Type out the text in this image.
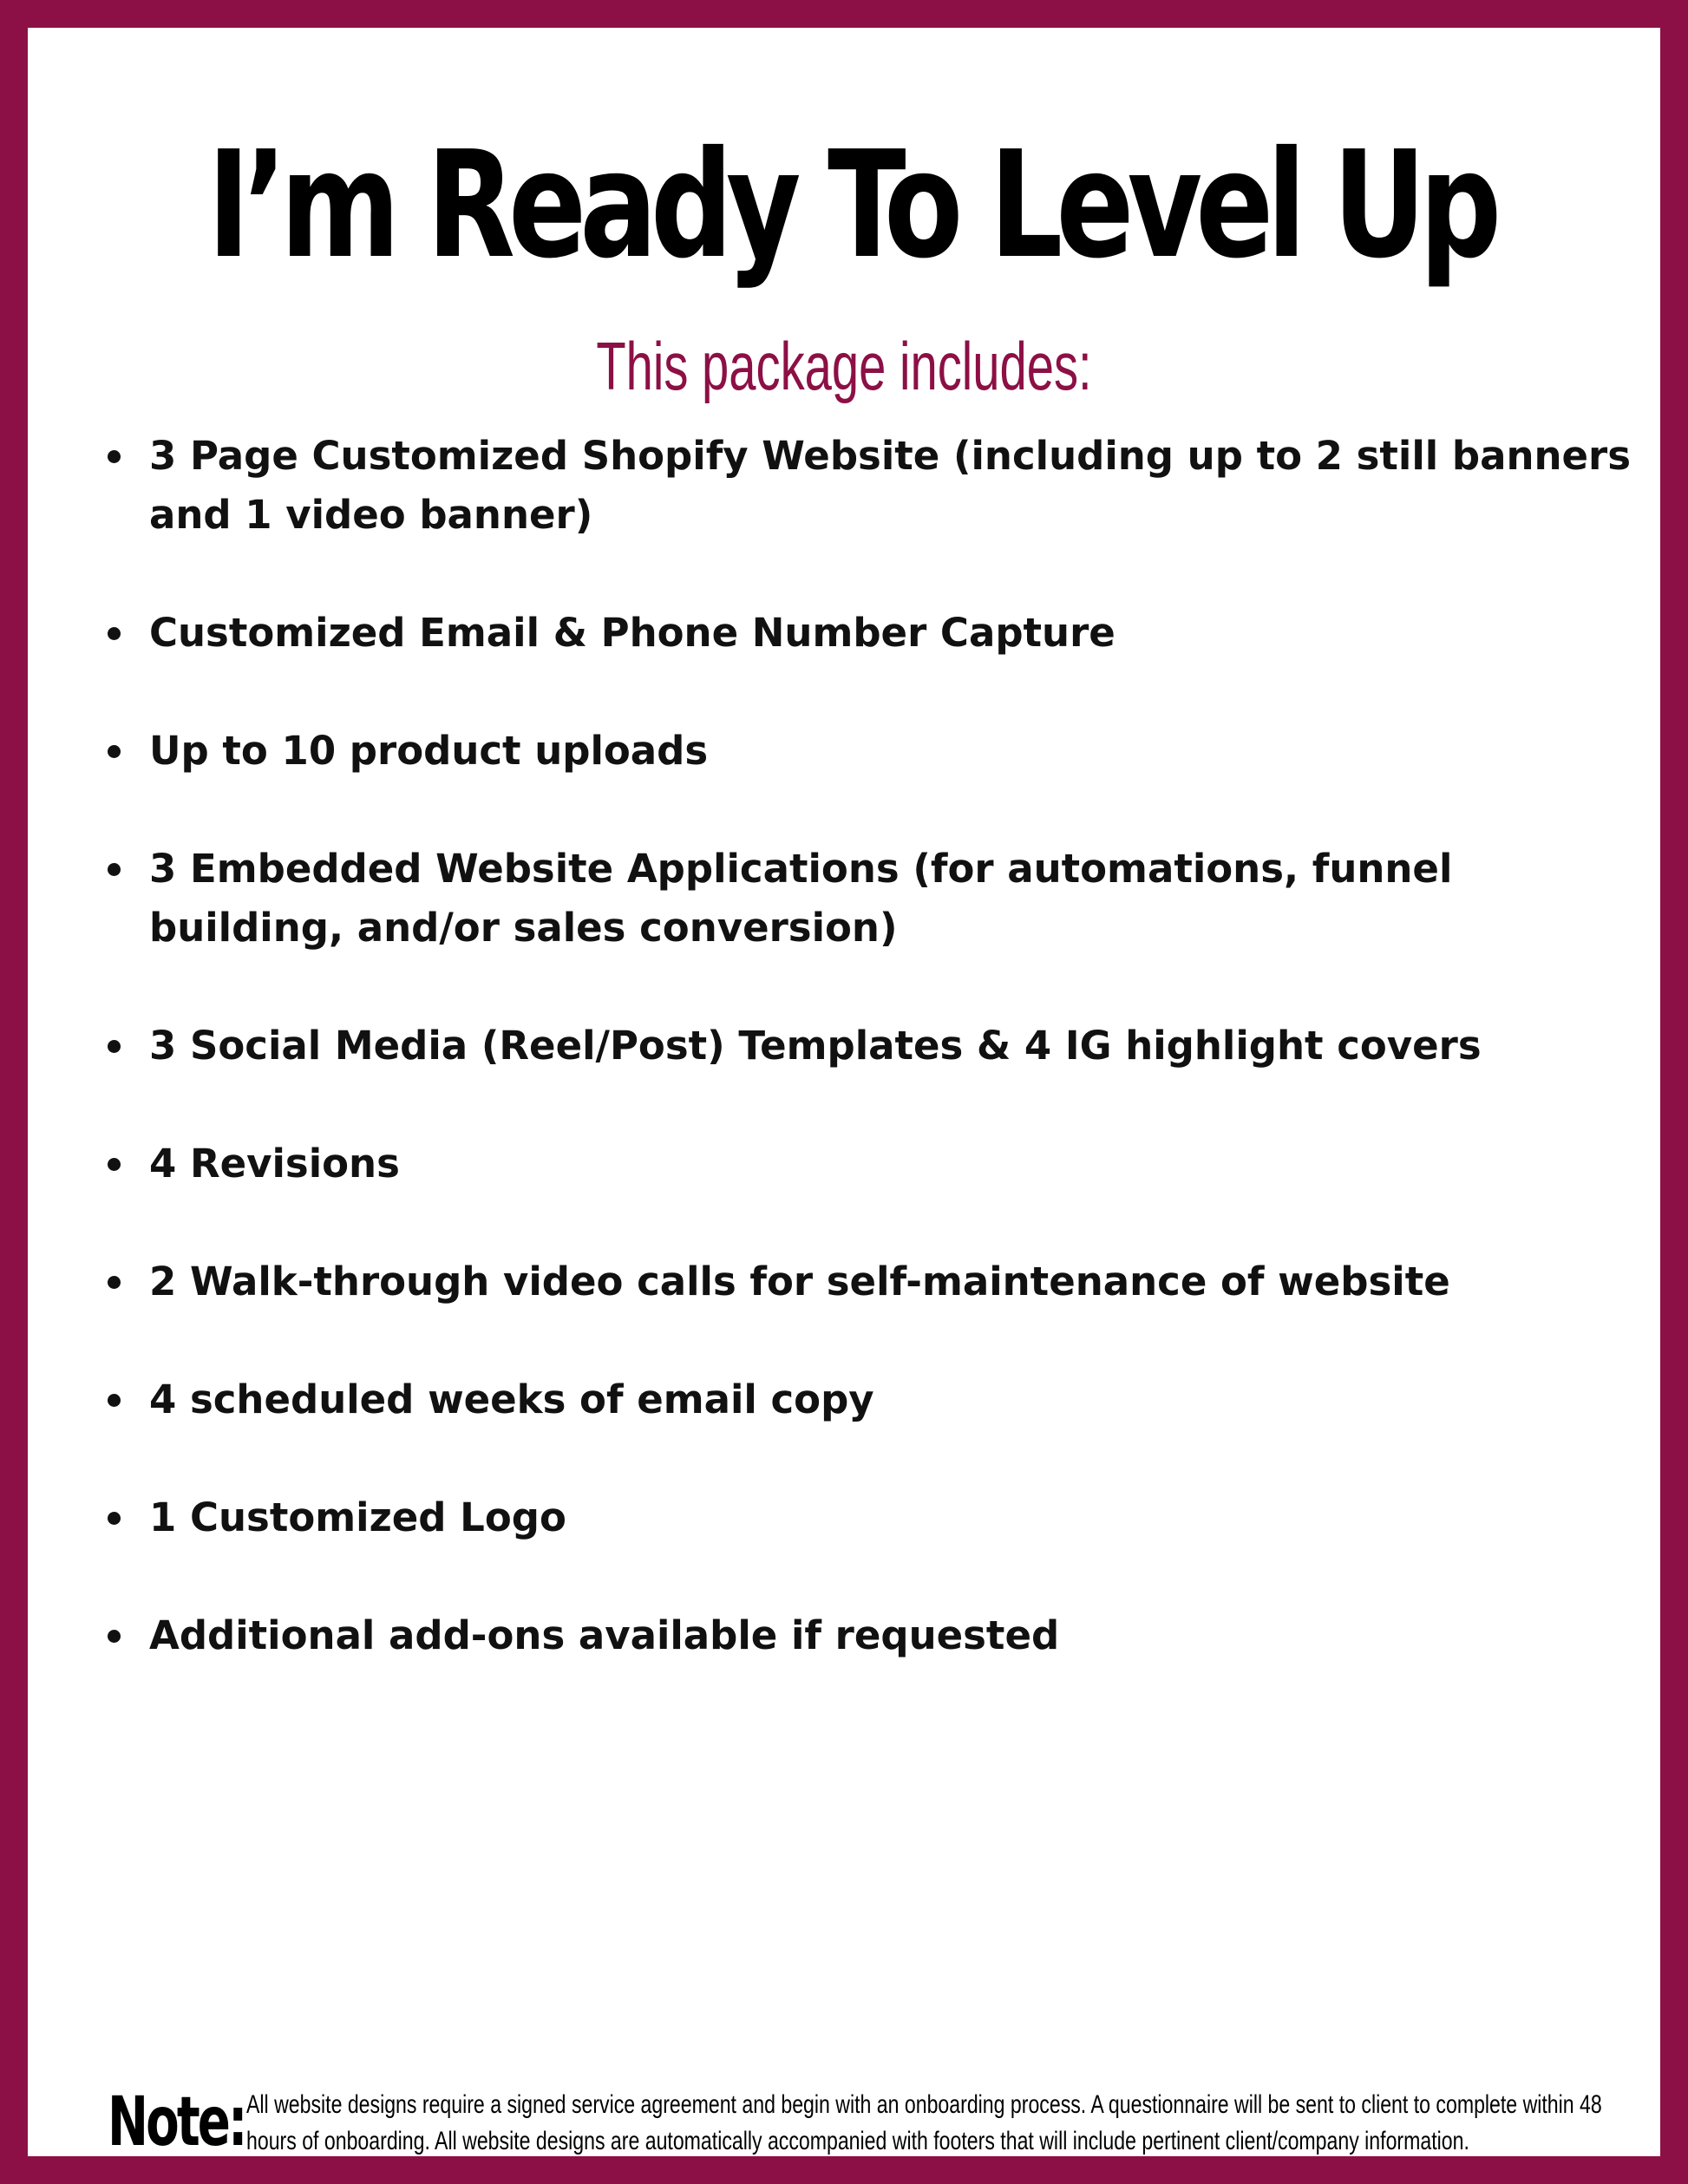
I’m Ready To Level Up
This package includes:
3 Page Customized Shopify Website (including up to 2 still banners and 1 video banner)
Customized Email & Phone Number Capture
Up to 10 product uploads
3 Embedded Website Applications (for automations, funnel building, and/or sales conversion)
3 Social Media (Reel/Post) Templates & 4 IG highlight covers
4 Revisions
2 Walk-through video calls for self-maintenance of website
4 scheduled weeks of email copy
1 Customized Logo
Additional add-ons available if requested
Note: All website designs require a signed service agreement and begin with an onboarding process. A questionnaire will be sent to client to complete within 48 hours of onboarding. All website designs are automatically accompanied with footers that will include pertinent client/company information.
